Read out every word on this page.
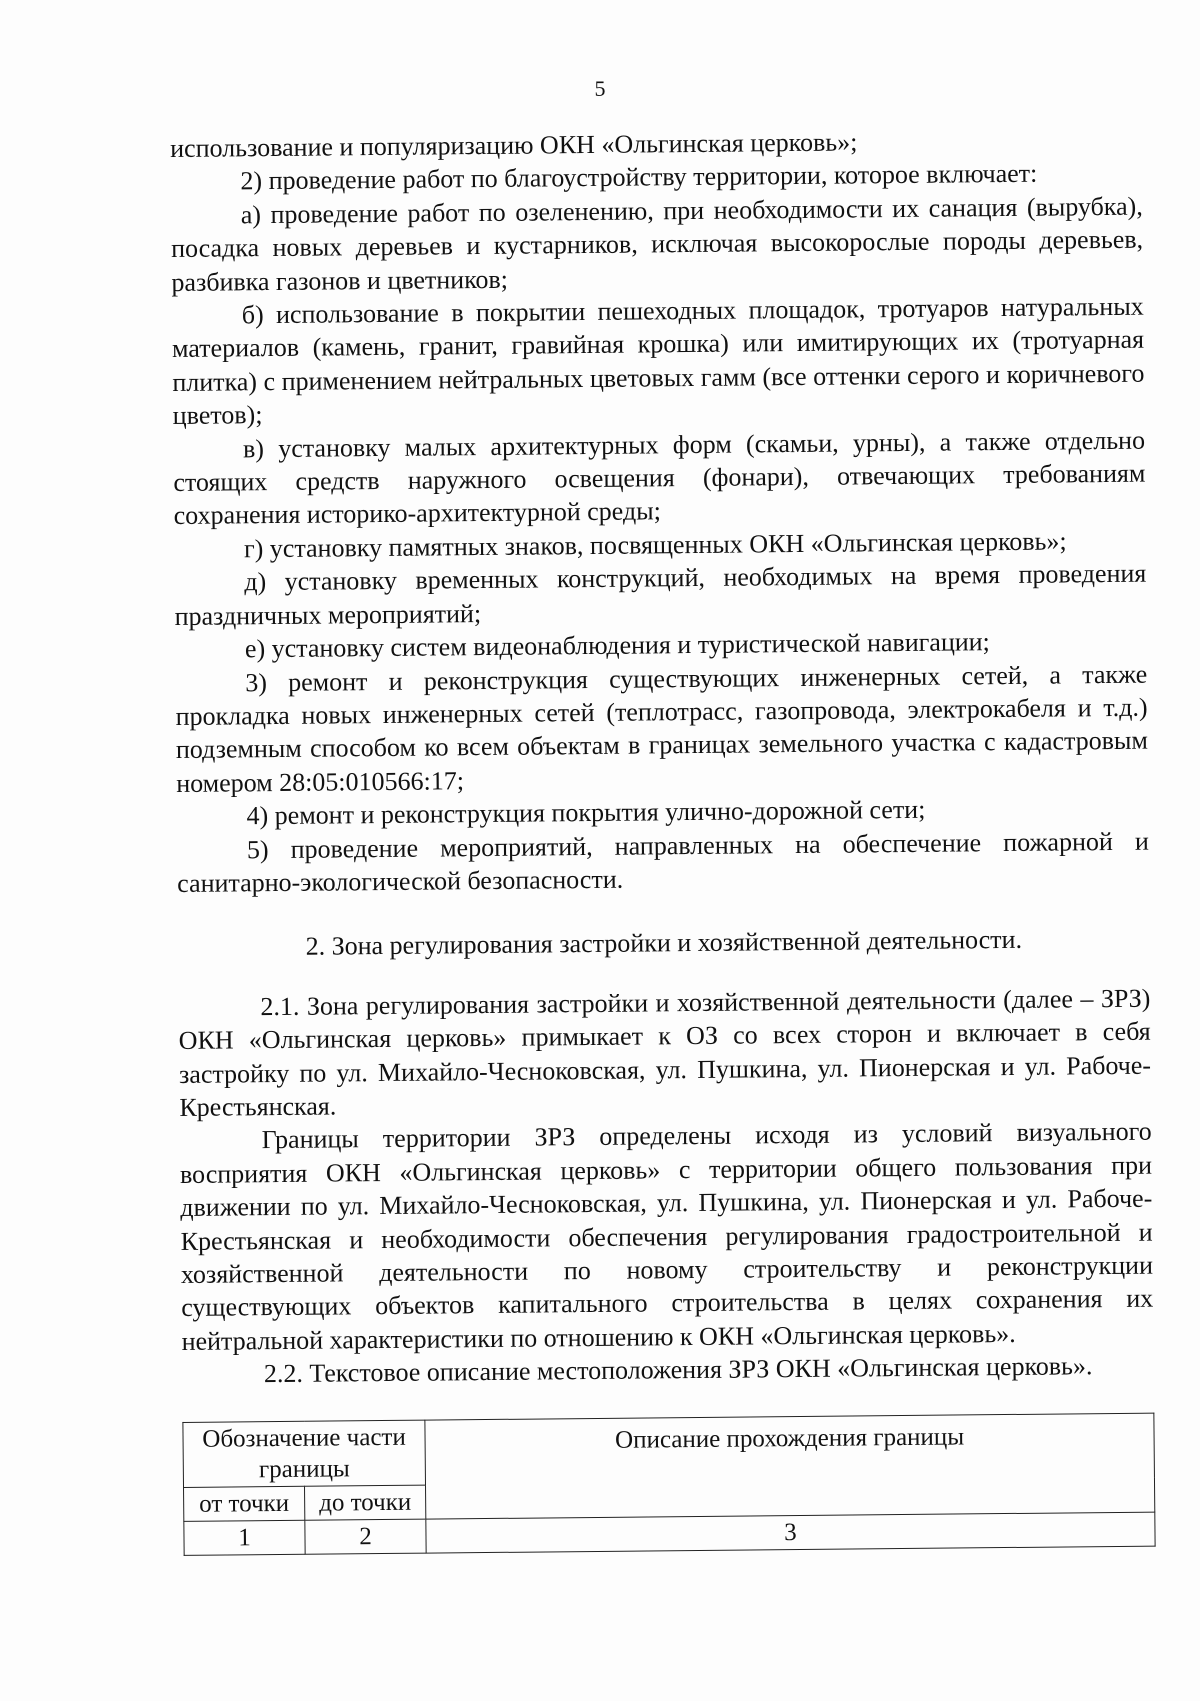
5

использование и популяризацию ОКН «Ольгинская церковь»;

2) проведение работ по благоустройству территории, которое включает:

а) проведение работ по озеленению, при необходимости их санация (вырубка), посадка новых деревьев и кустарников, исключая высокорослые породы деревьев, разбивка газонов и цветников;

б) использование в покрытии пешеходных площадок, тротуаров натуральных материалов (камень, гранит, гравийная крошка) или имитирующих их (тротуарная плитка) с применением нейтральных цветовых гамм (все оттенки серого и коричневого цветов);

в) установку малых архитектурных форм (скамьи, урны), а также отдельно стоящих средств наружного освещения (фонари), отвечающих требованиям сохранения историко-архитектурной среды;

г) установку памятных знаков, посвященных ОКН «Ольгинская церковь»;

д) установку временных конструкций, необходимых на время проведения праздничных мероприятий;

е) установку систем видеонаблюдения и туристической навигации;

3) ремонт и реконструкция существующих инженерных сетей, а также прокладка новых инженерных сетей (теплотрасс, газопровода, электрокабеля и т.д.) подземным способом ко всем объектам в границах земельного участка с кадастровым номером 28:05:010566:17;

4) ремонт и реконструкция покрытия улично-дорожной сети;

5) проведение мероприятий, направленных на обеспечение пожарной и санитарно-экологической безопасности.

2. Зона регулирования застройки и хозяйственной деятельности.

2.1. Зона регулирования застройки и хозяйственной деятельности (далее – ЗРЗ) ОКН «Ольгинская церковь» примыкает к ОЗ со всех сторон и включает в себя застройку по ул. Михайло-Чесноковская, ул. Пушкина, ул. Пионерская и ул. Рабоче-Крестьянская.

Границы территории ЗРЗ определены исходя из условий визуального восприятия ОКН «Ольгинская церковь» с территории общего пользования при движении по ул. Михайло-Чесноковская, ул. Пушкина, ул. Пионерская и ул. Рабоче-Крестьянская и необходимости обеспечения регулирования градостроительной и хозяйственной деятельности по новому строительству и реконструкции существующих объектов капитального строительства в целях сохранения их нейтральной характеристики по отношению к ОКН «Ольгинская церковь».

2.2. Текстовое описание местоположения ЗРЗ ОКН «Ольгинская церковь».

Обозначение части границы		Описание прохождения границы
от точки	до точки	
1	2	3
